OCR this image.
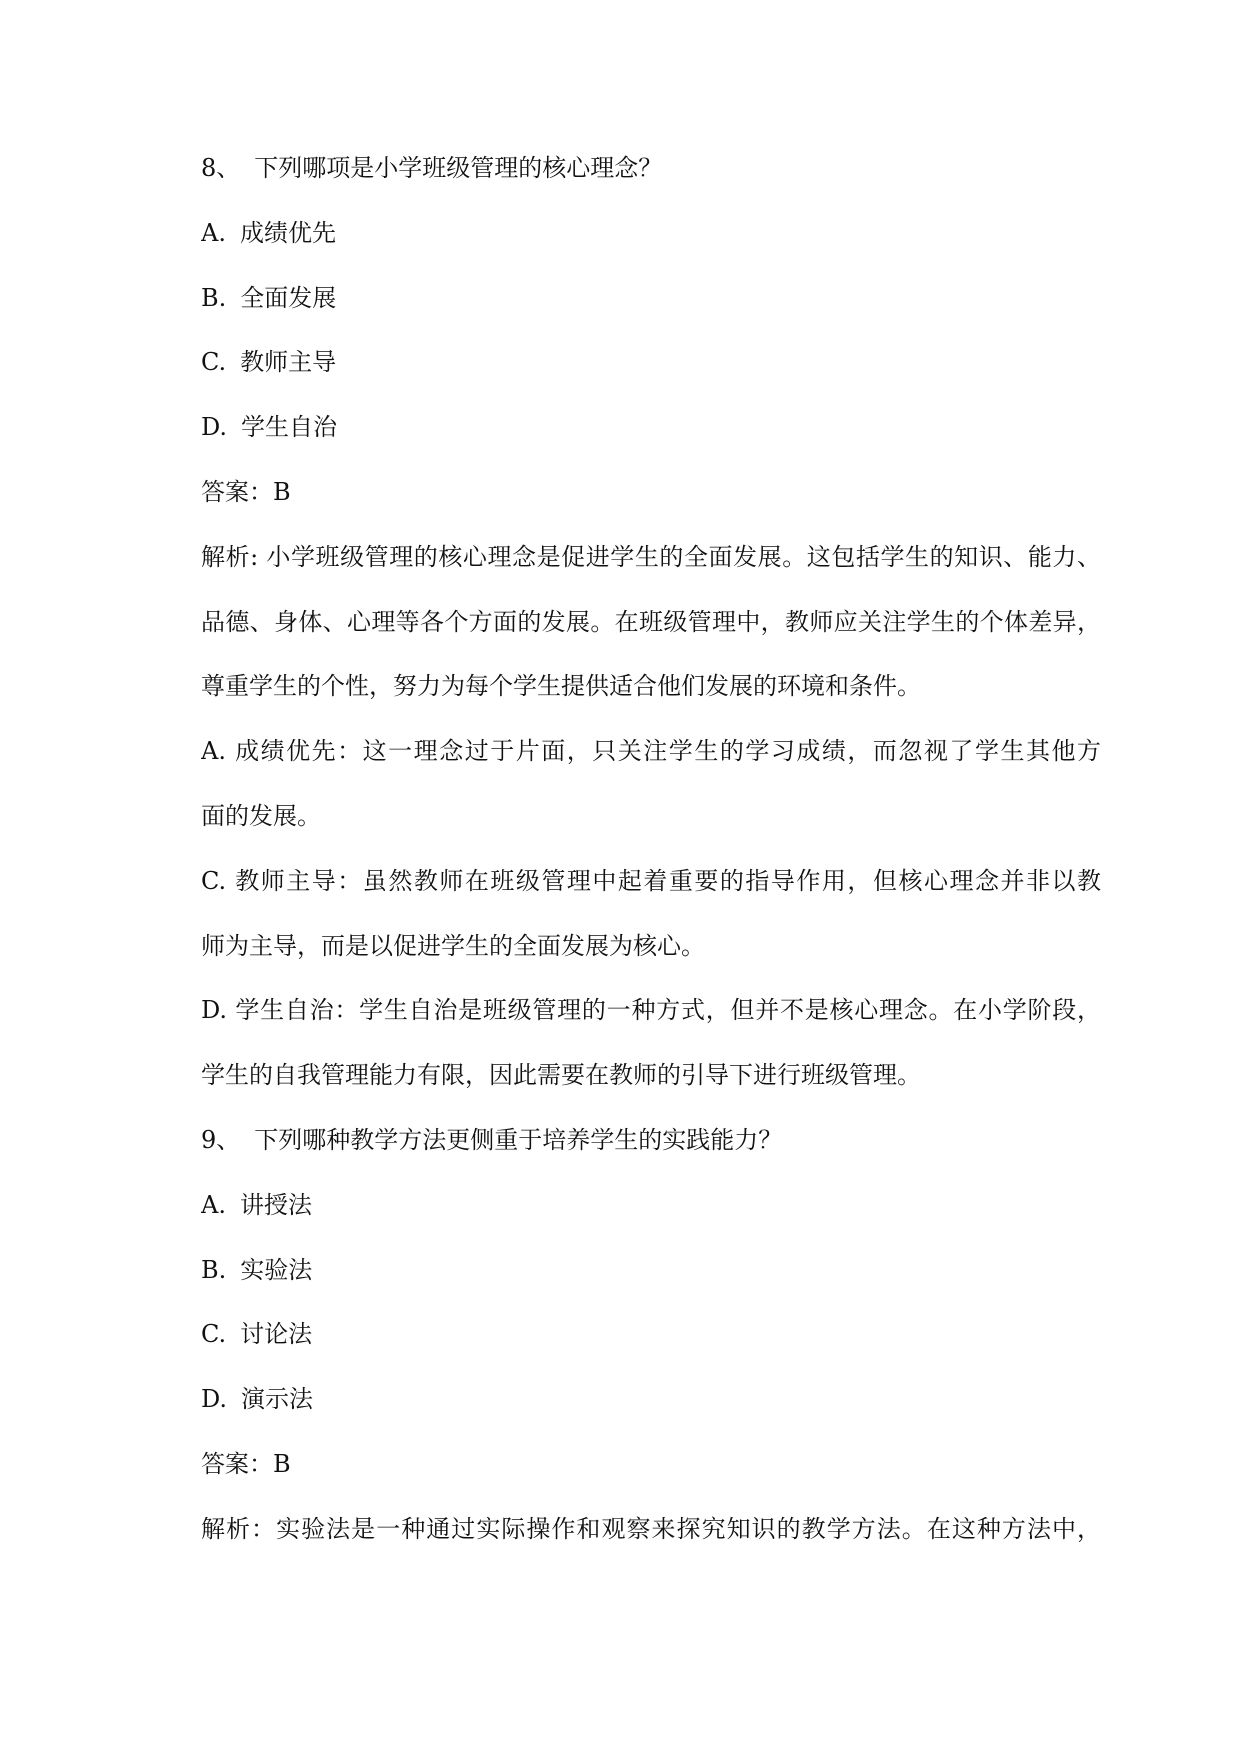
8、 下列哪项是小学班级管理的核心理念？
A. 成绩优先
B. 全面发展
C. 教师主导
D. 学生自治
答案：B
解析: 小学班级管理的核心理念是促进学生的全面发展。这包括学生的知识、能力、
品德、身体、心理等各个方面的发展。在班级管理中，教师应关注学生的个体差异，
尊重学生的个性，努力为每个学生提供适合他们发展的环境和条件。
A. 成绩优先：这一理念过于片面，只关注学生的学习成绩，而忽视了学生其他方
面的发展。
C. 教师主导：虽然教师在班级管理中起着重要的指导作用，但核心理念并非以教
师为主导，而是以促进学生的全面发展为核心。
D. 学生自治：学生自治是班级管理的一种方式，但并不是核心理念。在小学阶段，
学生的自我管理能力有限，因此需要在教师的引导下进行班级管理。
9、 下列哪种教学方法更侧重于培养学生的实践能力？
A. 讲授法
B. 实验法
C. 讨论法
D. 演示法
答案：B
解析：实验法是一种通过实际操作和观察来探究知识的教学方法。在这种方法中，
